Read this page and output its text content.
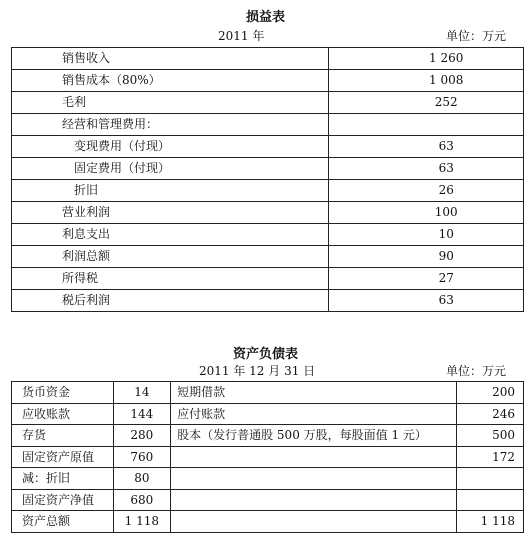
损益表
2011 年	单位：万元
销售收入	1 260
销售成本（80%）	1 008
毛利	252
经营和管理费用：	
变现费用（付现）	63
固定费用（付现）	63
折旧	26
营业利润	100
利息支出	10
利润总额	90
所得税	27
税后利润	63
资产负债表
2011 年 12 月 31 日	单位：万元
货币资金	14	短期借款	200
应收账款	144	应付账款	246
存货	280	股本（发行普通股 500 万股，每股面值 1 元）	500
固定资产原值	760		172
减：折旧	80		
固定资产净值	680		
资产总额	1 118		1 118
